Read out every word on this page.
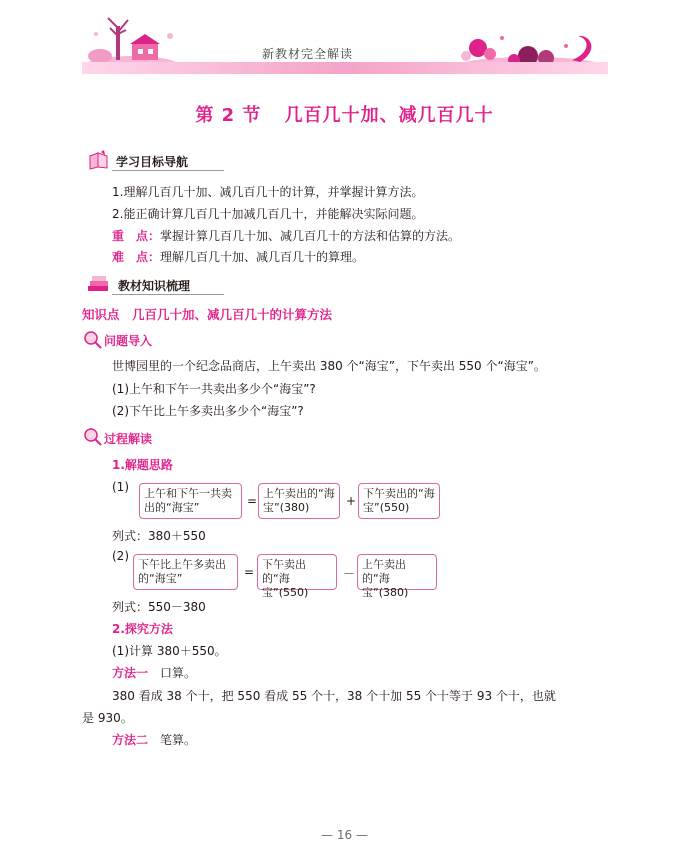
新教材完全解读
第 2 节 几百几十加、减几百几十
学习目标导航
1.理解几百几十加、减几百几十的计算，并掌握计算方法。
2.能正确计算几百几十加减几百几十，并能解决实际问题。
重　点：掌握计算几百几十加、减几百几十的方法和估算的方法。
难　点：理解几百几十加、减几百几十的算理。
教材知识梳理
知识点　几百几十加、减几百几十的计算方法
问题导入
世博园里的一个纪念品商店，上午卖出 380 个“海宝”，下午卖出 550 个“海宝”。
(1)上午和下午一共卖出多少个“海宝”?
(2)下午比上午多卖出多少个“海宝”?
过程解读
1.解题思路
(1)	上午和下午一共卖出的“海宝”	=
上午卖出的“海宝”(380)	+
下午卖出的“海宝”(550)
列式：380＋550
(2)
下午比上午多卖出的“海宝”	=
下午卖出的“海宝”(550)
－
上午卖出的“海宝”(380)
列式：550－380
2.探究方法
(1)计算 380＋550。
方法一 口算。
380 看成 38 个十，把 550 看成 55 个十，38 个十加 55 个十等于 93 个十，也就
是 930。
方法二 笔算。
— 16 —
